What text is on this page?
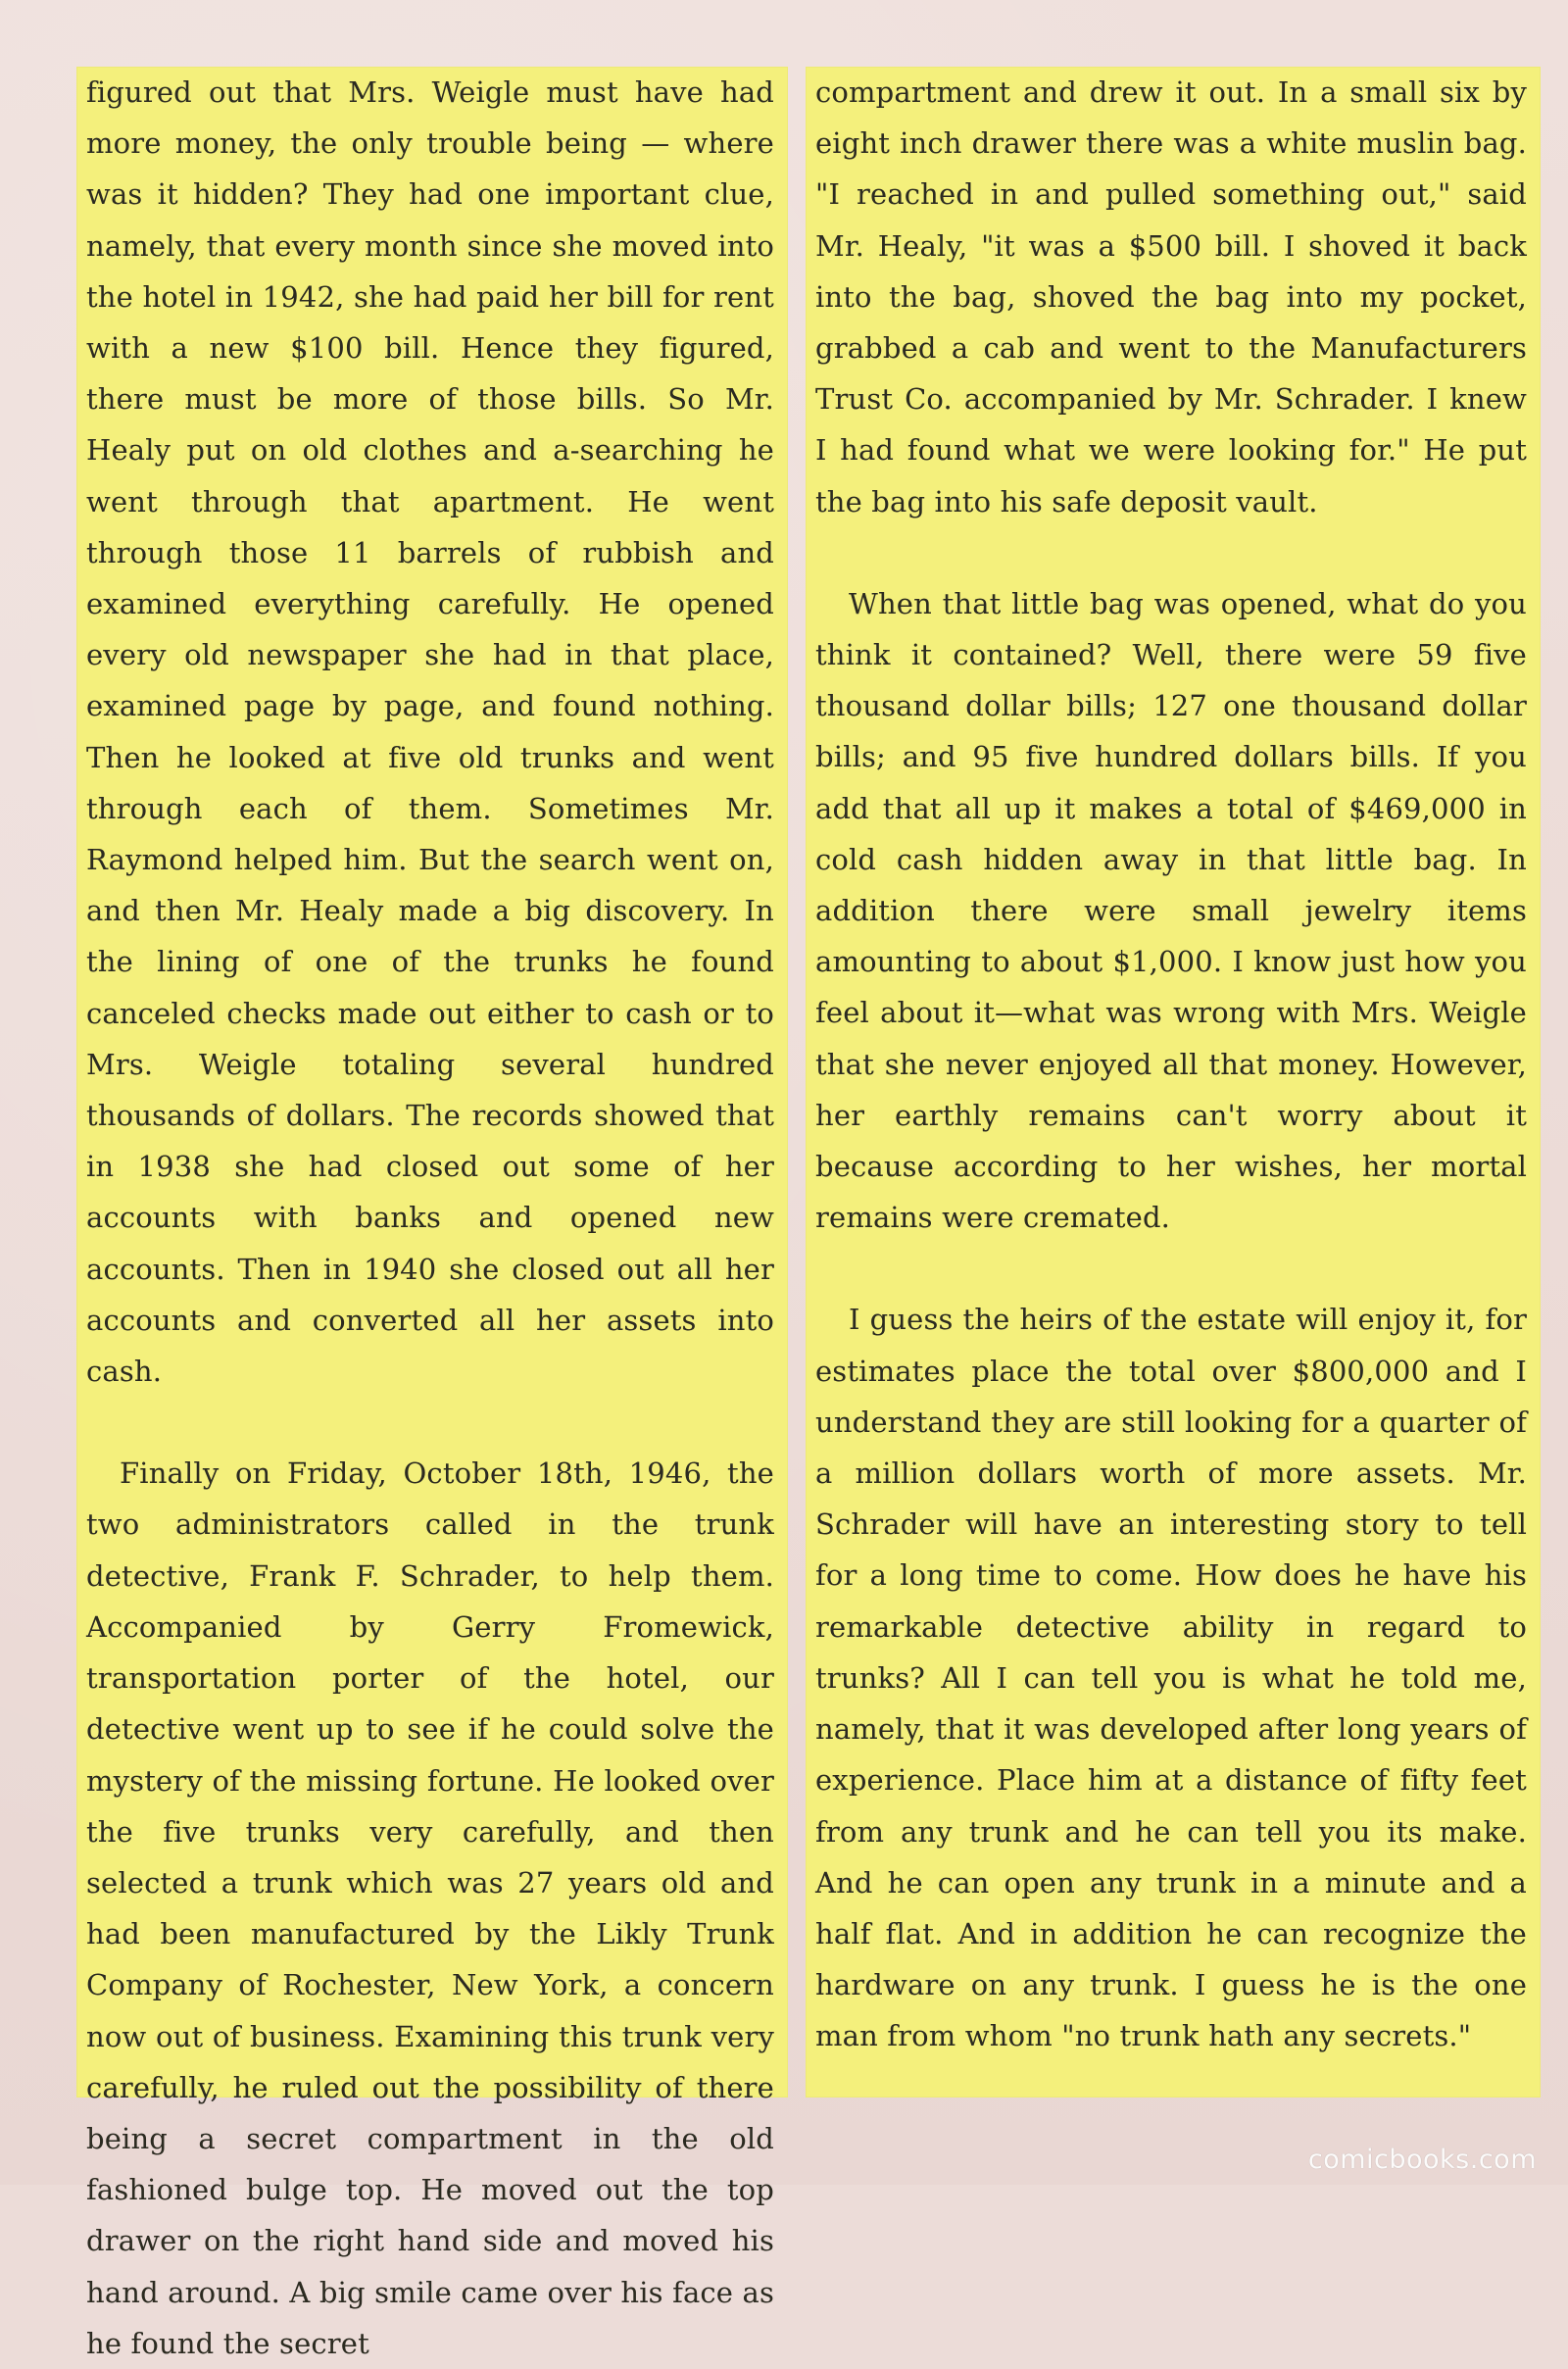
figured out that Mrs. Weigle must have had more money, the only trouble being — where was it hidden? They had one important clue, namely, that every month since she moved into the hotel in 1942, she had paid her bill for rent with a new $100 bill. Hence they figured, there must be more of those bills. So Mr. Healy put on old clothes and a-searching he went through that apartment. He went through those 11 barrels of rubbish and examined everything carefully. He opened every old newspaper she had in that place, examined page by page, and found nothing. Then he looked at five old trunks and went through each of them. Sometimes Mr. Raymond helped him. But the search went on, and then Mr. Healy made a big discovery. In the lining of one of the trunks he found canceled checks made out either to cash or to Mrs. Weigle totaling several hundred thousands of dollars. The records showed that in 1938 she had closed out some of her accounts with banks and opened new accounts. Then in 1940 she closed out all her accounts and converted all her assets into cash.

Finally on Friday, October 18th, 1946, the two administrators called in the trunk detective, Frank F. Schrader, to help them. Accompanied by Gerry Fromewick, transportation porter of the hotel, our detective went up to see if he could solve the mystery of the missing fortune. He looked over the five trunks very carefully, and then selected a trunk which was 27 years old and had been manufactured by the Likly Trunk Company of Rochester, New York, a concern now out of business. Examining this trunk very carefully, he ruled out the possibility of there being a secret compartment in the old fashioned bulge top. He moved out the top drawer on the right hand side and moved his hand around. A big smile came over his face as he found the secret

compartment and drew it out. In a small six by eight inch drawer there was a white muslin bag. "I reached in and pulled something out," said Mr. Healy, "it was a $500 bill. I shoved it back into the bag, shoved the bag into my pocket, grabbed a cab and went to the Manufacturers Trust Co. accompanied by Mr. Schrader. I knew I had found what we were looking for." He put the bag into his safe deposit vault.

When that little bag was opened, what do you think it contained? Well, there were 59 five thousand dollar bills; 127 one thousand dollar bills; and 95 five hundred dollars bills. If you add that all up it makes a total of $469,000 in cold cash hidden away in that little bag. In addition there were small jewelry items amounting to about $1,000. I know just how you feel about it—what was wrong with Mrs. Weigle that she never enjoyed all that money. However, her earthly remains can't worry about it because according to her wishes, her mortal remains were cremated.

I guess the heirs of the estate will enjoy it, for estimates place the total over $800,000 and I understand they are still looking for a quarter of a million dollars worth of more assets. Mr. Schrader will have an interesting story to tell for a long time to come. How does he have his remarkable detective ability in regard to trunks? All I can tell you is what he told me, namely, that it was developed after long years of experience. Place him at a distance of fifty feet from any trunk and he can tell you its make. And he can open any trunk in a minute and a half flat. And in addition he can recognize the hardware on any trunk. I guess he is the one man from whom "no trunk hath any secrets."

comicbooks.com
